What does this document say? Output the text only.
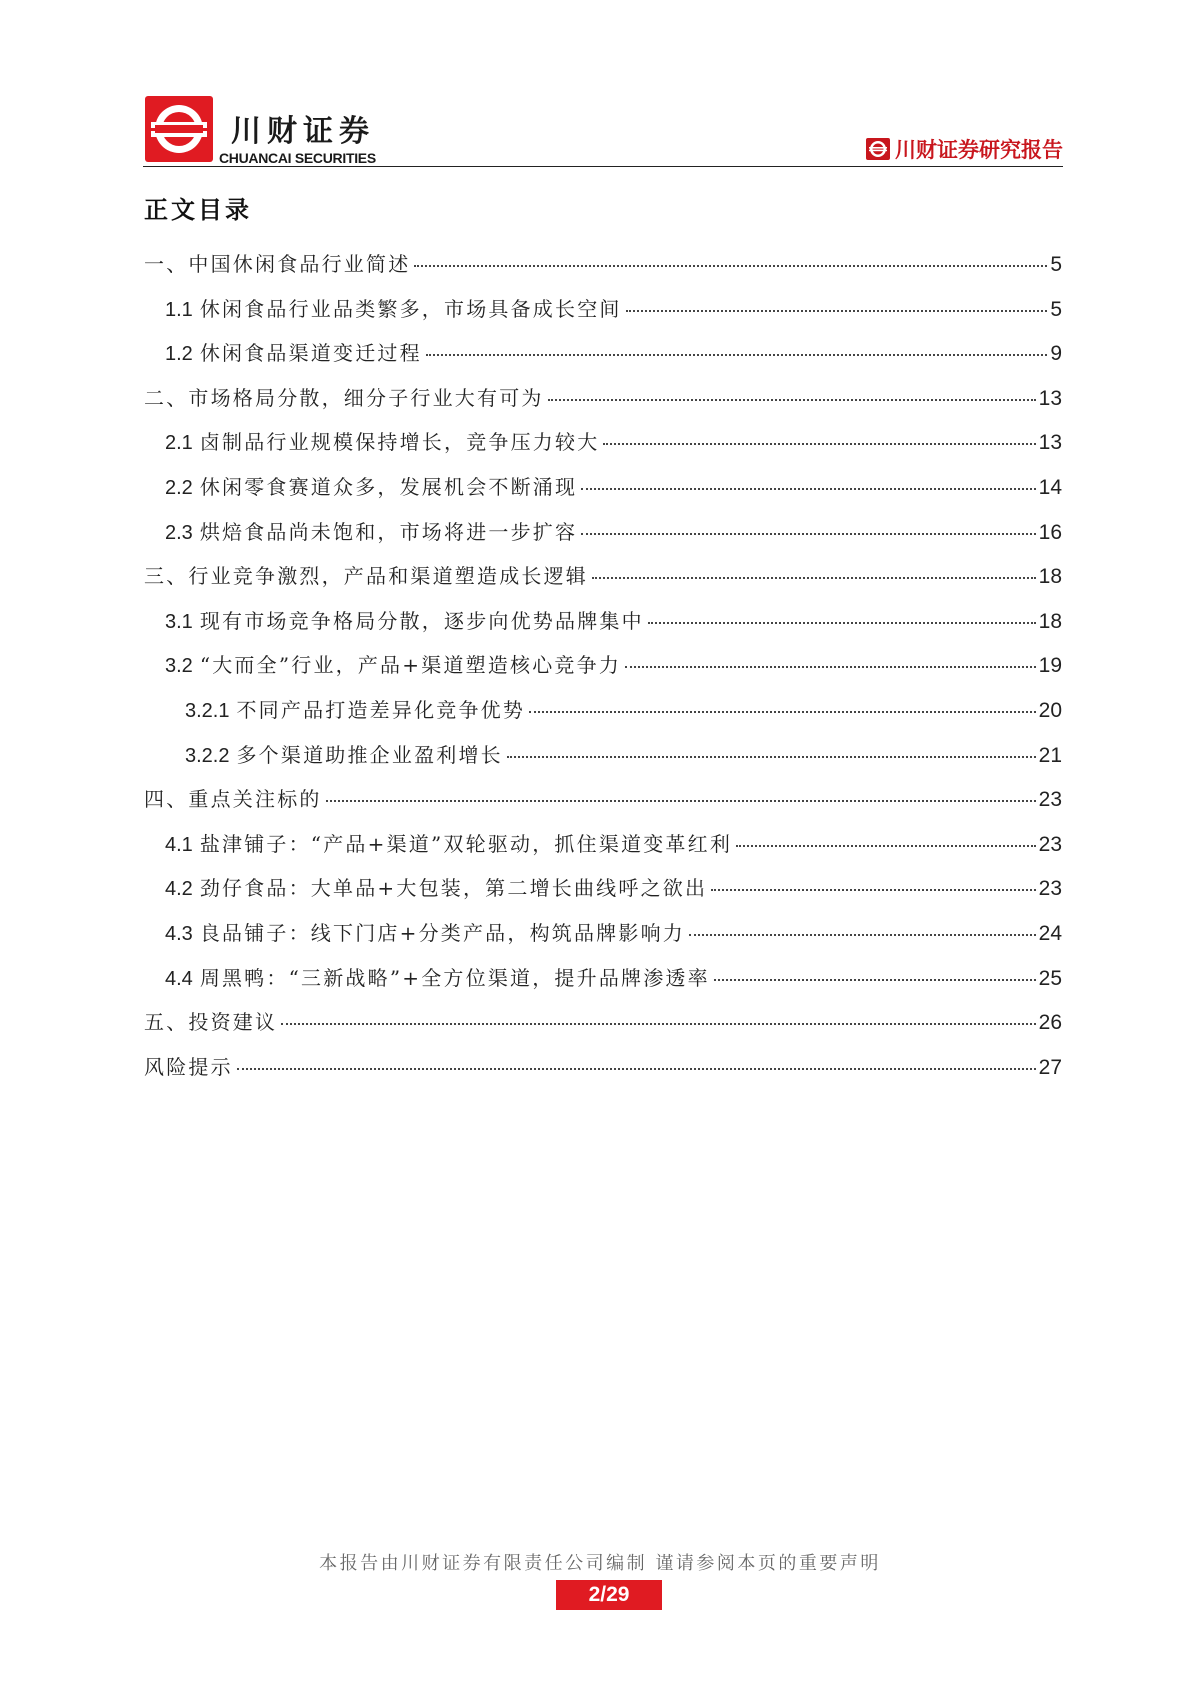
川财证券
CHUANCAI SECURITIES	川财证券研究报告
正文目录
一、中国休闲食品行业简述	5
1.1 休闲食品行业品类繁多，市场具备成长空间	5
1.2 休闲食品渠道变迁过程	9
二、市场格局分散，细分子行业大有可为	13
2.1 卤制品行业规模保持增长，竞争压力较大	13
2.2 休闲零食赛道众多，发展机会不断涌现	14
2.3 烘焙食品尚未饱和，市场将进一步扩容	16
三、行业竞争激烈，产品和渠道塑造成长逻辑	18
3.1 现有市场竞争格局分散，逐步向优势品牌集中	18
3.2 “大而全”行业，产品+渠道塑造核心竞争力	19
3.2.1 不同产品打造差异化竞争优势	20
3.2.2 多个渠道助推企业盈利增长	21
四、重点关注标的	23
4.1 盐津铺子：“产品+渠道”双轮驱动，抓住渠道变革红利	23
4.2 劲仔食品：大单品+大包装，第二增长曲线呼之欲出	23
4.3 良品铺子：线下门店+分类产品，构筑品牌影响力	24
4.4 周黑鸭：“三新战略”+全方位渠道，提升品牌渗透率	25
五、投资建议	26
风险提示	27
本报告由川财证券有限责任公司编制 谨请参阅本页的重要声明
2/29
